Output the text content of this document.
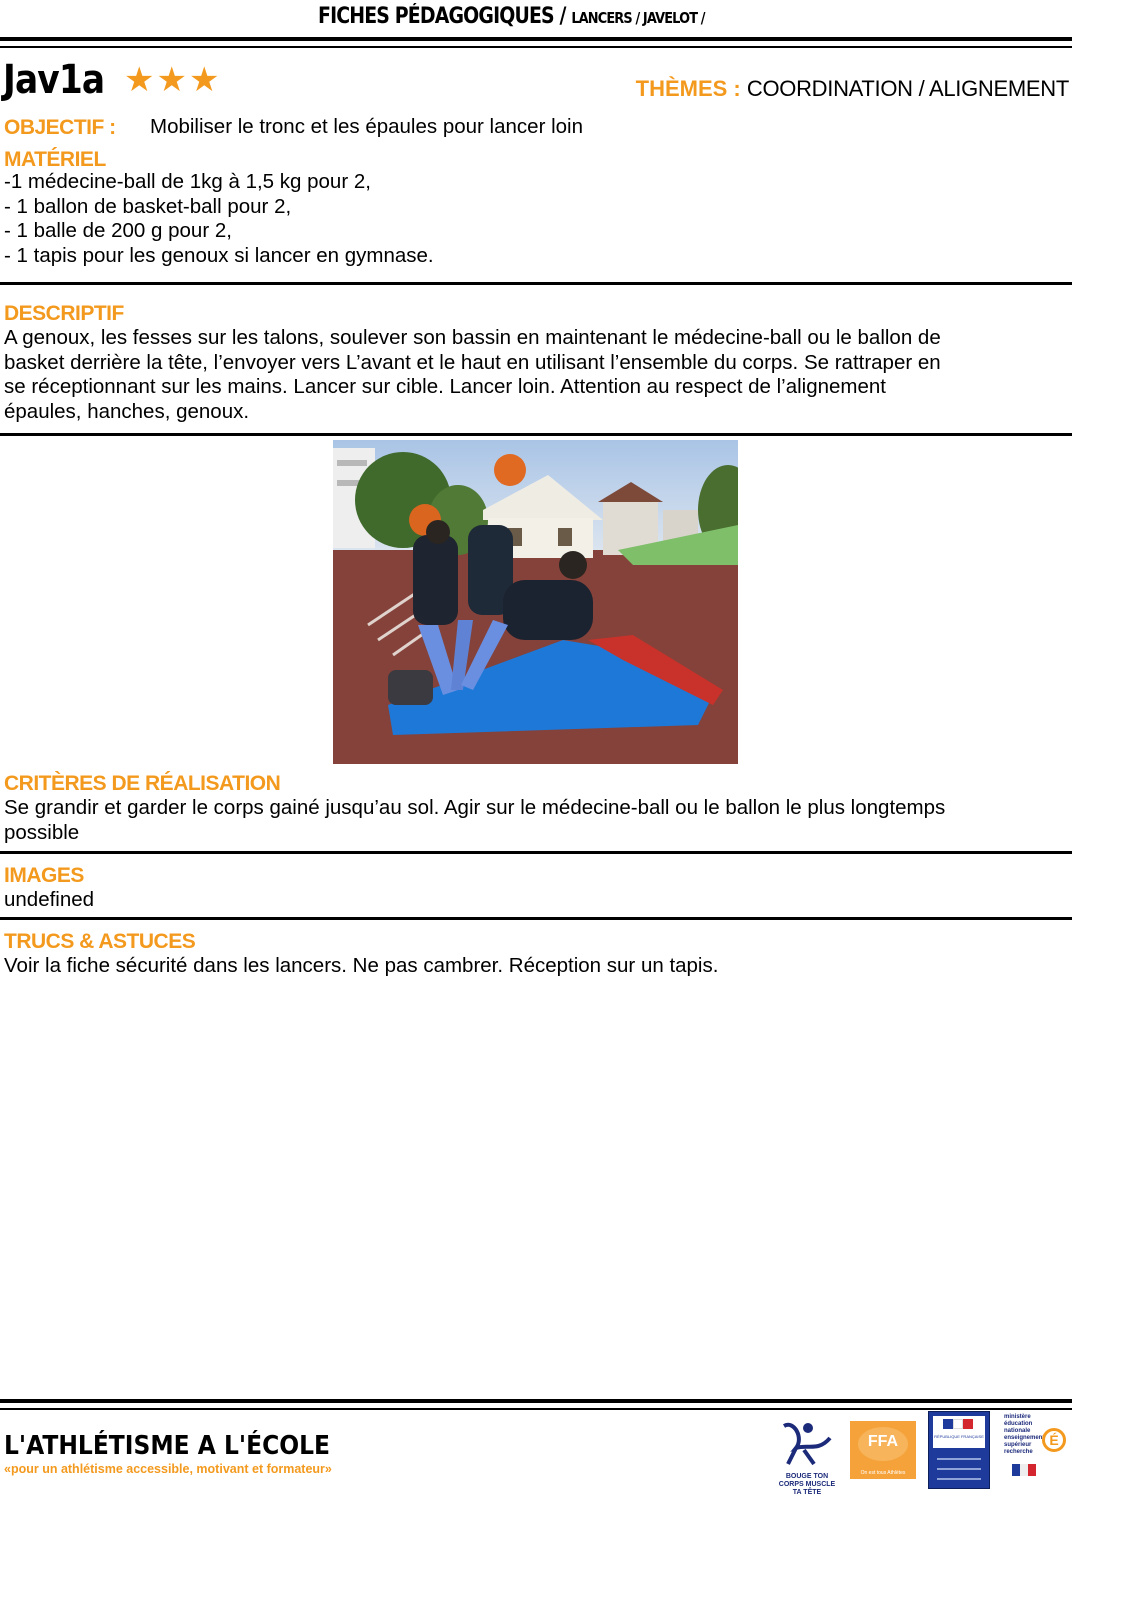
FICHES PÉDAGOGIQUES / LANCERS / JAVELOT /
Jav1a ★★★	THÈMES : COORDINATION / ALIGNEMENT
OBJECTIF : Mobiliser le tronc et les épaules pour lancer loin
MATÉRIEL
-1 médecine-ball de 1kg à 1,5 kg pour 2,
- 1 ballon de basket-ball pour 2,
- 1 balle de 200 g pour 2,
- 1 tapis pour les genoux si lancer en gymnase.
DESCRIPTIF
A genoux, les fesses sur les talons, soulever son bassin en maintenant le médecine-ball ou le ballon de
basket derrière la tête, l’envoyer vers L’avant et le haut en utilisant l’ensemble du corps. Se rattraper en
se réceptionnant sur les mains. Lancer sur cible. Lancer loin. Attention au respect de l’alignement
épaules, hanches, genoux.
CRITÈRES DE RÉALISATION
Se grandir et garder le corps gainé jusqu’au sol. Agir sur le médecine-ball ou le ballon le plus longtemps
possible
IMAGES
undefined
TRUCS & ASTUCES
Voir la fiche sécurité dans les lancers. Ne pas cambrer. Réception sur un tapis.
L'ATHLÉTISME A L'ÉCOLE
«pour un athlétisme accessible, motivant et formateur»
BOUGE TON CORPS MUSCLE TA TÊTE
FFA
On est tous Athlètes
RÉPUBLIQUE FRANÇAISE
ministère éducation nationale enseignement supérieur recherche
É
